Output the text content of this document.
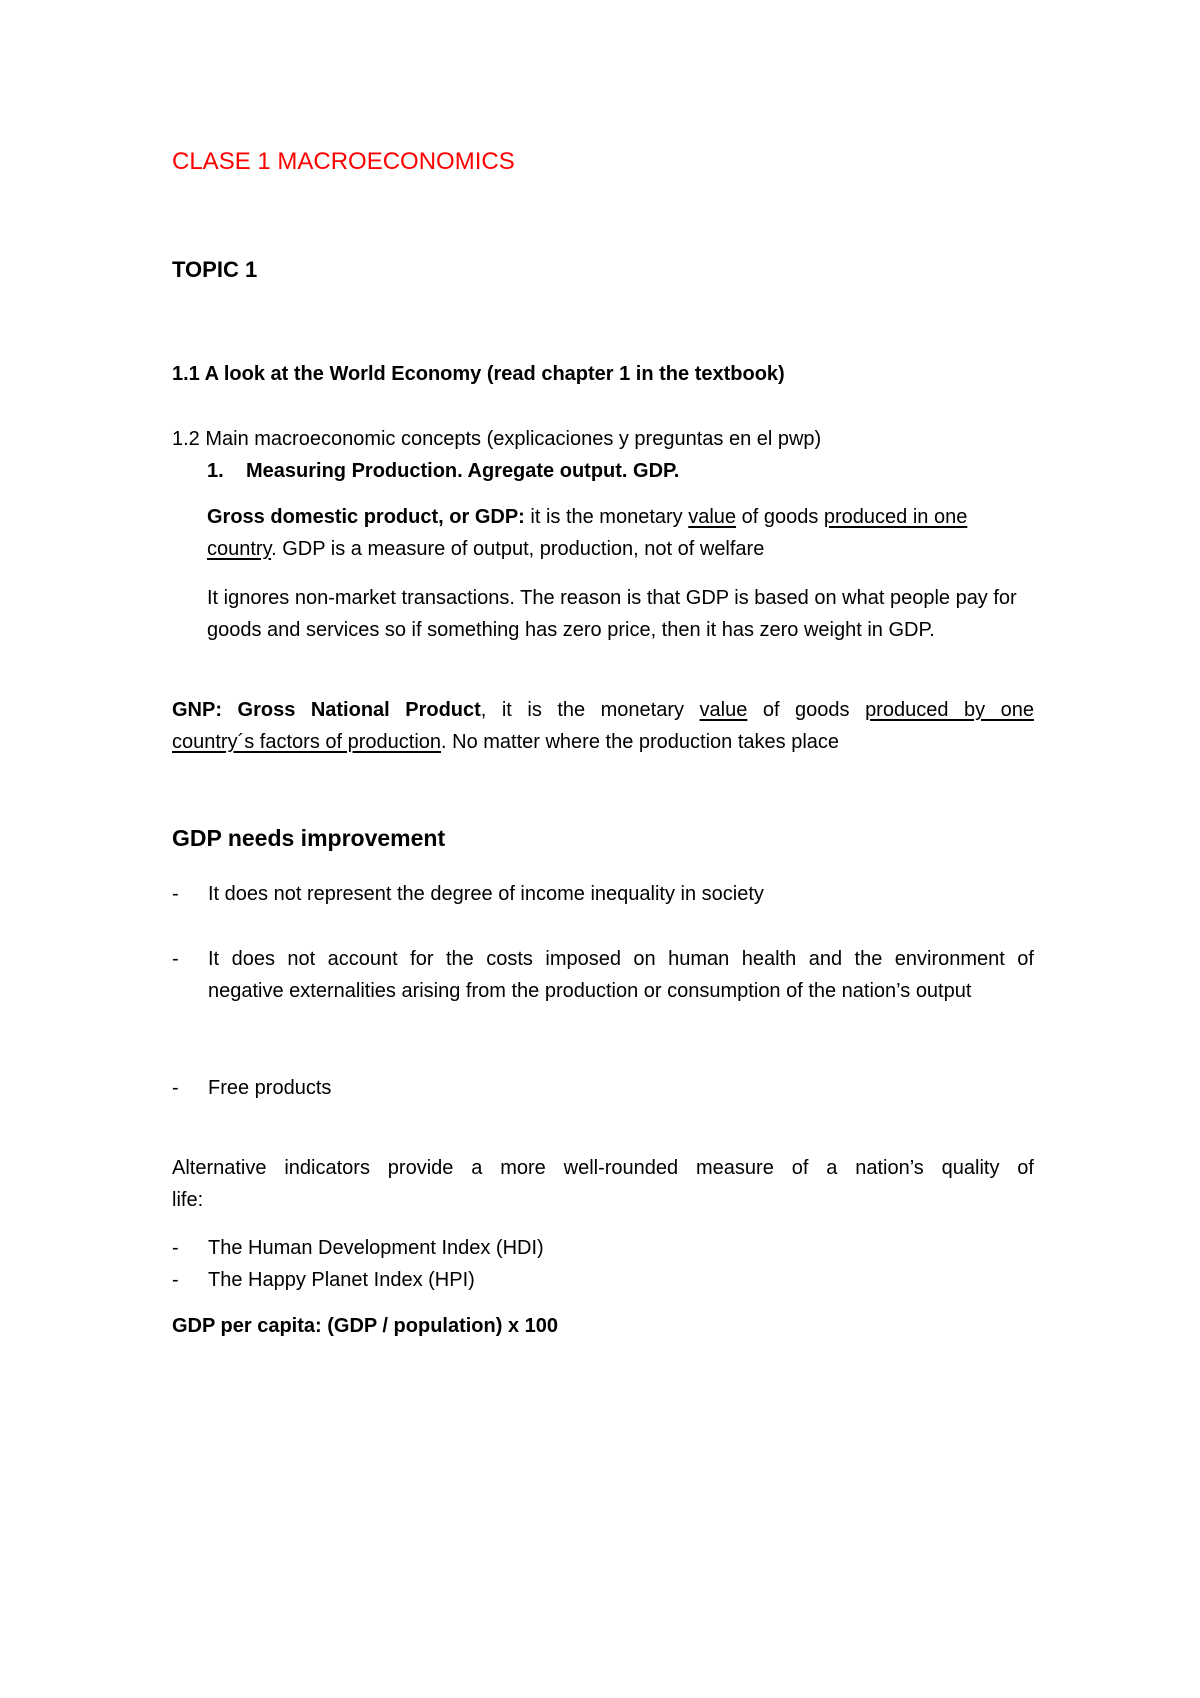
CLASE 1 MACROECONOMICS

TOPIC 1

1.1 A look at the World Economy (read chapter 1 in the textbook)

1.2 Main macroeconomic concepts (explicaciones y preguntas en el pwp)

1. Measuring Production. Agregate output. GDP.

Gross domestic product, or GDP: it is the monetary value of goods produced in one country. GDP is a measure of output, production, not of welfare

It ignores non-market transactions. The reason is that GDP is based on what people pay for goods and services so if something has zero price, then it has zero weight in GDP.

GNP: Gross National Product, it is the monetary value of goods produced by one
country´s factors of production. No matter where the production takes place

GDP needs improvement

-	It does not represent the degree of income inequality in society
-	It does not account for the costs imposed on human health and the environment of
negative externalities arising from the production or consumption of the nation’s output
-	Free products

Alternative indicators provide a more well-rounded measure of a nation’s quality of
life:

-	The Human Development Index (HDI)
-	The Happy Planet Index (HPI)

GDP per capita: (GDP / population) x 100
